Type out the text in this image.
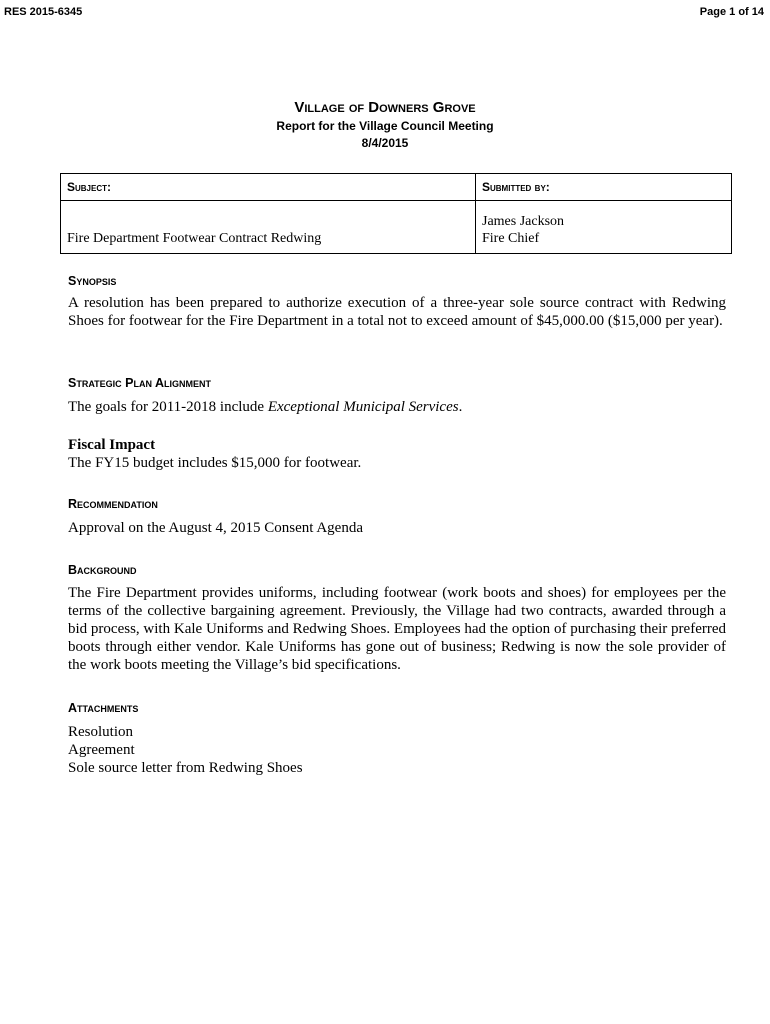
RES 2015-6345	Page 1 of 14
Village of Downers Grove
Report for the Village Council Meeting
8/4/2015
Subject:	Submitted by:
Fire Department Footwear Contract Redwing	James Jackson
Fire Chief
Synopsis
A resolution has been prepared to authorize execution of a three-year sole source contract with Redwing Shoes for footwear for the Fire Department in a total not to exceed amount of $45,000.00 ($15,000 per year).
Strategic Plan Alignment
The goals for 2011-2018 include Exceptional Municipal Services.
Fiscal Impact
The FY15 budget includes $15,000 for footwear.
Recommendation
Approval on the August 4, 2015 Consent Agenda
Background
The Fire Department provides uniforms, including footwear (work boots and shoes) for employees per the terms of the collective bargaining agreement. Previously, the Village had two contracts, awarded through a bid process, with Kale Uniforms and Redwing Shoes. Employees had the option of purchasing their preferred boots through either vendor. Kale Uniforms has gone out of business; Redwing is now the sole provider of the work boots meeting the Village’s bid specifications.
Attachments
Resolution
Agreement
Sole source letter from Redwing Shoes
